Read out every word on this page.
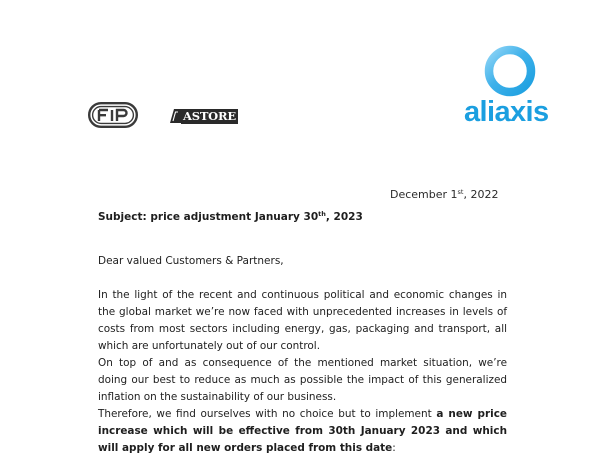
ASTORE	aliaxis
December 1st, 2022
Subject: price adjustment January 30th, 2023
Dear valued Customers & Partners,

In the light of the recent and continuous political and economic changes in the global market we’re now faced with unprecedented increases in levels of costs from most sectors including energy, gas, packaging and transport, all which are unfortunately out of our control.

On top of and as consequence of the mentioned market situation, we’re doing our best to reduce as much as possible the impact of this generalized inflation on the sustainability of our business.

Therefore, we find ourselves with no choice but to implement a new price increase which will be effective from 30th January 2023 and which will apply for all new orders placed from this date:
